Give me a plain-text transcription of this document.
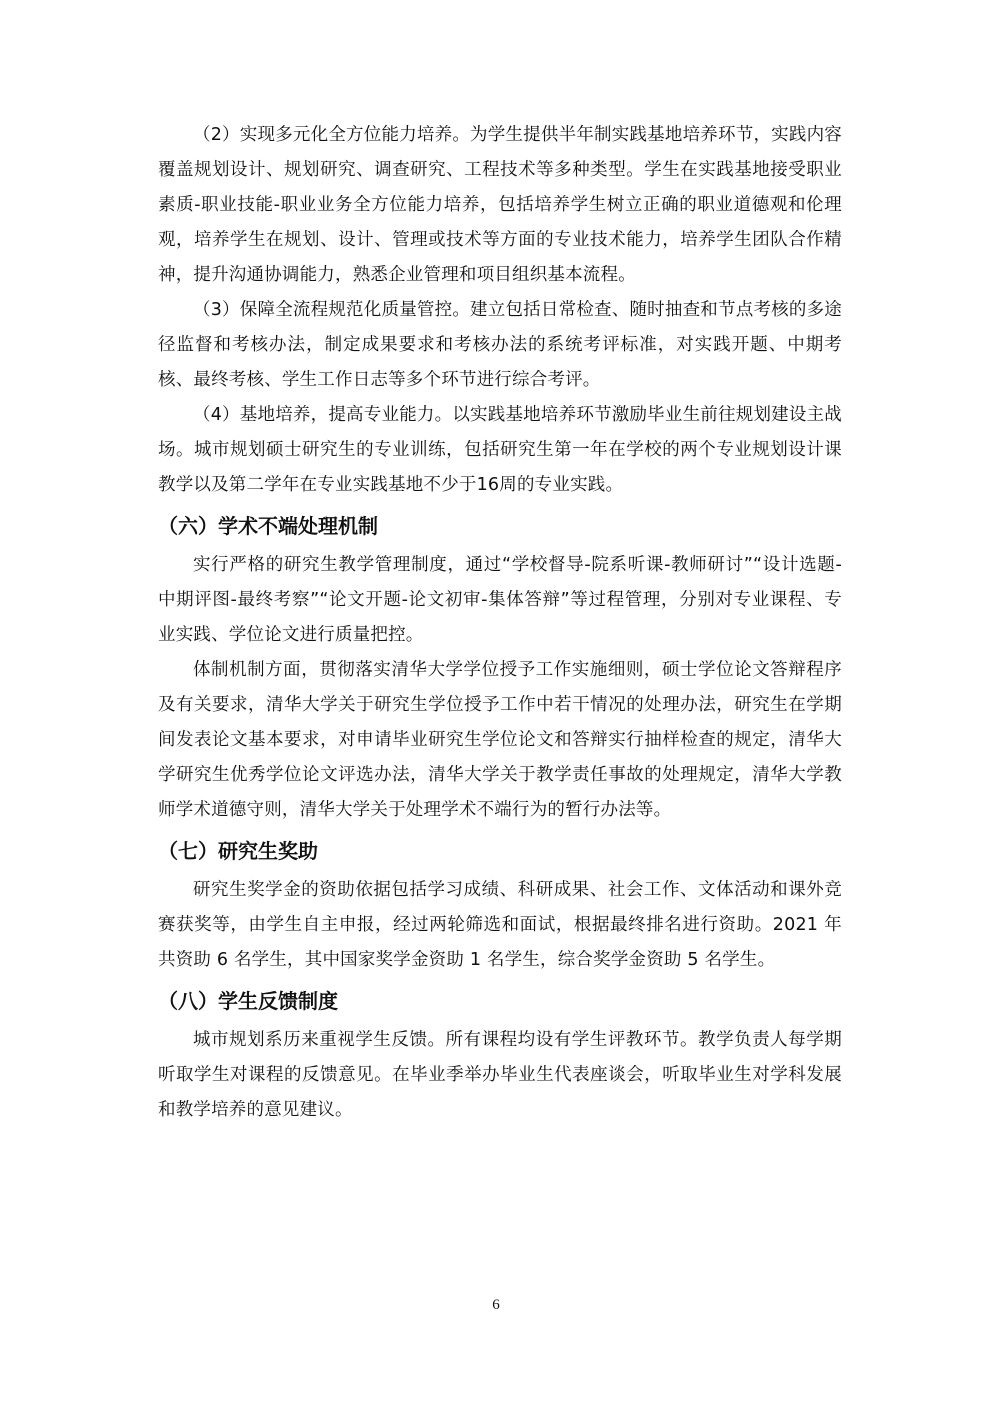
（2）实现多元化全方位能力培养。为学生提供半年制实践基地培养环节，实践内容覆盖规划设计、规划研究、调查研究、工程技术等多种类型。学生在实践基地接受职业素质-职业技能-职业业务全方位能力培养，包括培养学生树立正确的职业道德观和伦理观，培养学生在规划、设计、管理或技术等方面的专业技术能力，培养学生团队合作精神，提升沟通协调能力，熟悉企业管理和项目组织基本流程。

（3）保障全流程规范化质量管控。建立包括日常检查、随时抽查和节点考核的多途径监督和考核办法，制定成果要求和考核办法的系统考评标准，对实践开题、中期考核、最终考核、学生工作日志等多个环节进行综合考评。

（4）基地培养，提高专业能力。以实践基地培养环节激励毕业生前往规划建设主战场。城市规划硕士研究生的专业训练，包括研究生第一年在学校的两个专业规划设计课教学以及第二学年在专业实践基地不少于16周的专业实践。

（六）学术不端处理机制

实行严格的研究生教学管理制度，通过“学校督导-院系听课-教师研讨”“设计选题-中期评图-最终考察”“论文开题-论文初审-集体答辩”等过程管理，分别对专业课程、专业实践、学位论文进行质量把控。

体制机制方面，贯彻落实清华大学学位授予工作实施细则，硕士学位论文答辩程序及有关要求，清华大学关于研究生学位授予工作中若干情况的处理办法，研究生在学期间发表论文基本要求，对申请毕业研究生学位论文和答辩实行抽样检查的规定，清华大学研究生优秀学位论文评选办法，清华大学关于教学责任事故的处理规定，清华大学教师学术道德守则，清华大学关于处理学术不端行为的暂行办法等。

（七）研究生奖助

研究生奖学金的资助依据包括学习成绩、科研成果、社会工作、文体活动和课外竞赛获奖等，由学生自主申报，经过两轮筛选和面试，根据最终排名进行资助。2021 年共资助 6 名学生，其中国家奖学金资助 1 名学生，综合奖学金资助 5 名学生。

（八）学生反馈制度

城市规划系历来重视学生反馈。所有课程均设有学生评教环节。教学负责人每学期听取学生对课程的反馈意见。在毕业季举办毕业生代表座谈会，听取毕业生对学科发展和教学培养的意见建议。

6
